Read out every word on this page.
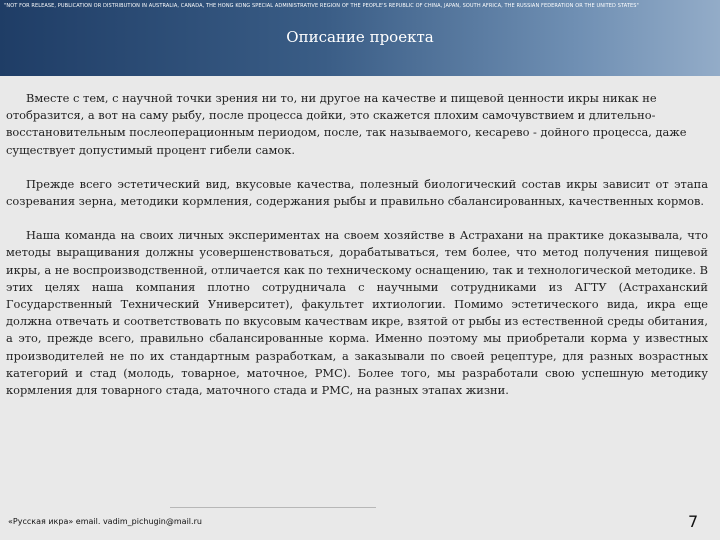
"NOT FOR RELEASE, PUBLICATION OR DISTRIBUTION IN AUSTRALIA, CANADA, THE HONG KONG SPECIAL ADMINISTRATIVE REGION OF THE PEOPLE'S REPUBLIC OF CHINA, JAPAN, SOUTH AFRICA, THE RUSSIAN FEDERATION OR THE UNITED STATES"
Описание проекта

Вместе с тем, с научной точки зрения ни то, ни другое на качестве и пищевой ценности икры никак не отобразится, а вот на саму рыбу, после процесса дойки, это скажется плохим самочувствием и длительно-восстановительным послеоперационным периодом, после, так называемого, кесарево - дойного процесса, даже существует допустимый процент гибели самок.

Прежде всего эстетический вид, вкусовые качества, полезный биологический состав икры зависит от этапа созревания зерна, методики кормления, содержания рыбы и правильно сбалансированных, качественных кормов.

Наша команда на своих личных экспериментах на своем хозяйстве в Астрахани на практике доказывала, что методы выращивания должны усовершенствоваться, дорабатываться, тем более, что метод получения пищевой икры, а не воспроизводственной, отличается как по техническому оснащению, так и технологической методике. В этих целях наша компания плотно сотрудничала с научными сотрудниками из АГТУ (Астраханский Государственный Технический Университет), факультет ихтиологии. Помимо эстетического вида, икра еще должна отвечать и соответствовать по вкусовым качествам икре, взятой от рыбы из естественной среды обитания, а это, прежде всего, правильно сбалансированные корма. Именно поэтому мы приобретали корма у известных производителей не по их стандартным разработкам, а заказывали по своей рецептуре, для разных возрастных категорий и стад (молодь, товарное, маточное, РМС). Более того, мы разработали свою успешную методику кормления для товарного стада, маточного стада и РМС, на разных этапах жизни.

«Русская икра» email. vadim_pichugin@mail.ru	7
